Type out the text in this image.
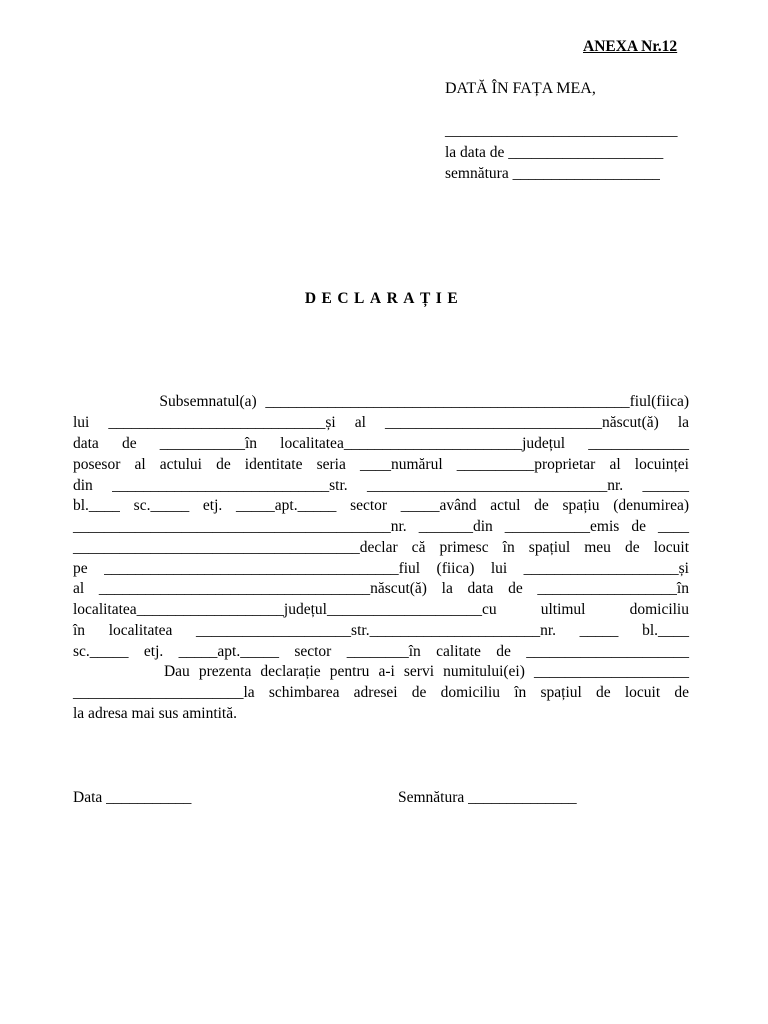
ANEXA Nr.12
DATĂ ÎN FAȚA MEA,
______________________________
la data de ____________________
semnătura ___________________
DECLARAȚIE
Subsemnatul(a) _______________________________________________fiul(fiica)
lui ____________________________și al ____________________________născut(ă) la
data de ___________în localitatea_______________________județul _____________
posesor al actului de identitate seria ____numărul __________proprietar al locuinței
din ____________________________str. _______________________________nr. ______
bl.____ sc._____ etj. _____apt._____ sector _____având actul de spațiu (denumirea)
_________________________________________nr. _______din ___________emis de ____
_____________________________________declar că primesc în spațiul meu de locuit
pe ______________________________________fiul (fiica) lui ____________________și
al ___________________________________născut(ă) la data de __________________în
localitatea___________________județul____________________cu ultimul domiciliu
în localitatea ____________________str.______________________nr. _____ bl.____
sc._____ etj. _____apt._____ sector ________în calitate de _____________________
Dau prezenta declarație pentru a-i servi numitului(ei) ____________________
______________________la schimbarea adresei de domiciliu în spațiul de locuit de
la adresa mai sus amintită.
Data ___________	Semnătura ______________
